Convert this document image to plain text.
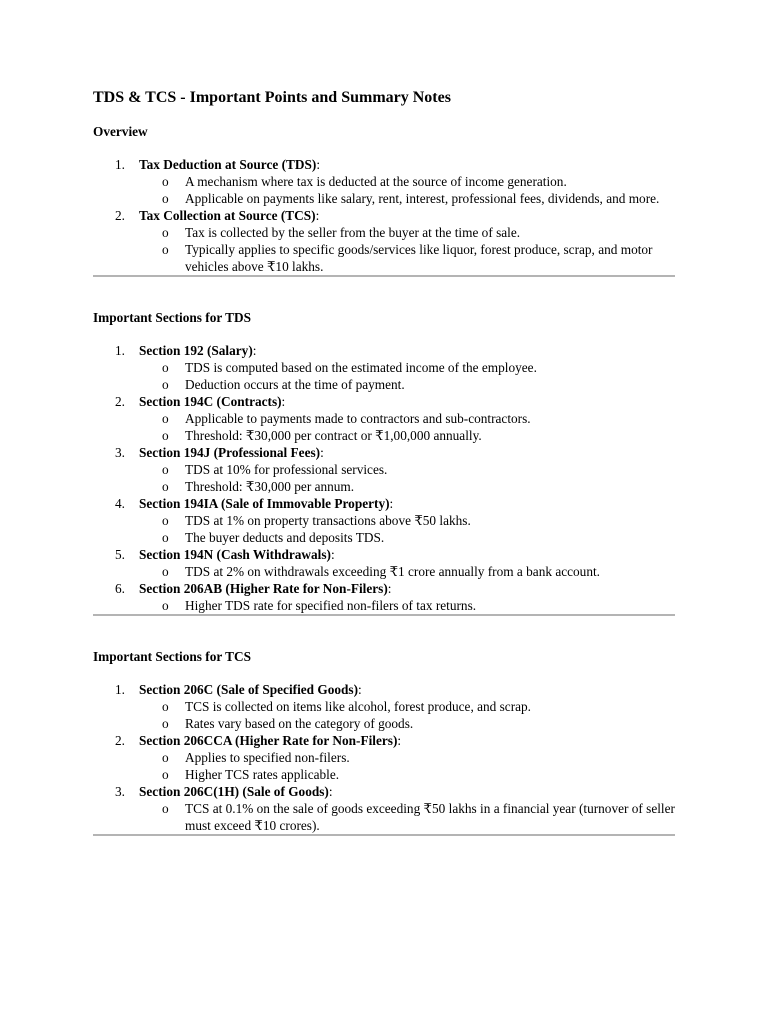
TDS & TCS - Important Points and Summary Notes
Overview
1. Tax Deduction at Source (TDS):
o A mechanism where tax is deducted at the source of income generation.
o Applicable on payments like salary, rent, interest, professional fees, dividends, and more.
2. Tax Collection at Source (TCS):
o Tax is collected by the seller from the buyer at the time of sale.
o Typically applies to specific goods/services like liquor, forest produce, scrap, and motor vehicles above ₹10 lakhs.
Important Sections for TDS
1. Section 192 (Salary):
o TDS is computed based on the estimated income of the employee.
o Deduction occurs at the time of payment.
2. Section 194C (Contracts):
o Applicable to payments made to contractors and sub-contractors.
o Threshold: ₹30,000 per contract or ₹1,00,000 annually.
3. Section 194J (Professional Fees):
o TDS at 10% for professional services.
o Threshold: ₹30,000 per annum.
4. Section 194IA (Sale of Immovable Property):
o TDS at 1% on property transactions above ₹50 lakhs.
o The buyer deducts and deposits TDS.
5. Section 194N (Cash Withdrawals):
o TDS at 2% on withdrawals exceeding ₹1 crore annually from a bank account.
6. Section 206AB (Higher Rate for Non-Filers):
o Higher TDS rate for specified non-filers of tax returns.
Important Sections for TCS
1. Section 206C (Sale of Specified Goods):
o TCS is collected on items like alcohol, forest produce, and scrap.
o Rates vary based on the category of goods.
2. Section 206CCA (Higher Rate for Non-Filers):
o Applies to specified non-filers.
o Higher TCS rates applicable.
3. Section 206C(1H) (Sale of Goods):
o TCS at 0.1% on the sale of goods exceeding ₹50 lakhs in a financial year (turnover of seller must exceed ₹10 crores).
